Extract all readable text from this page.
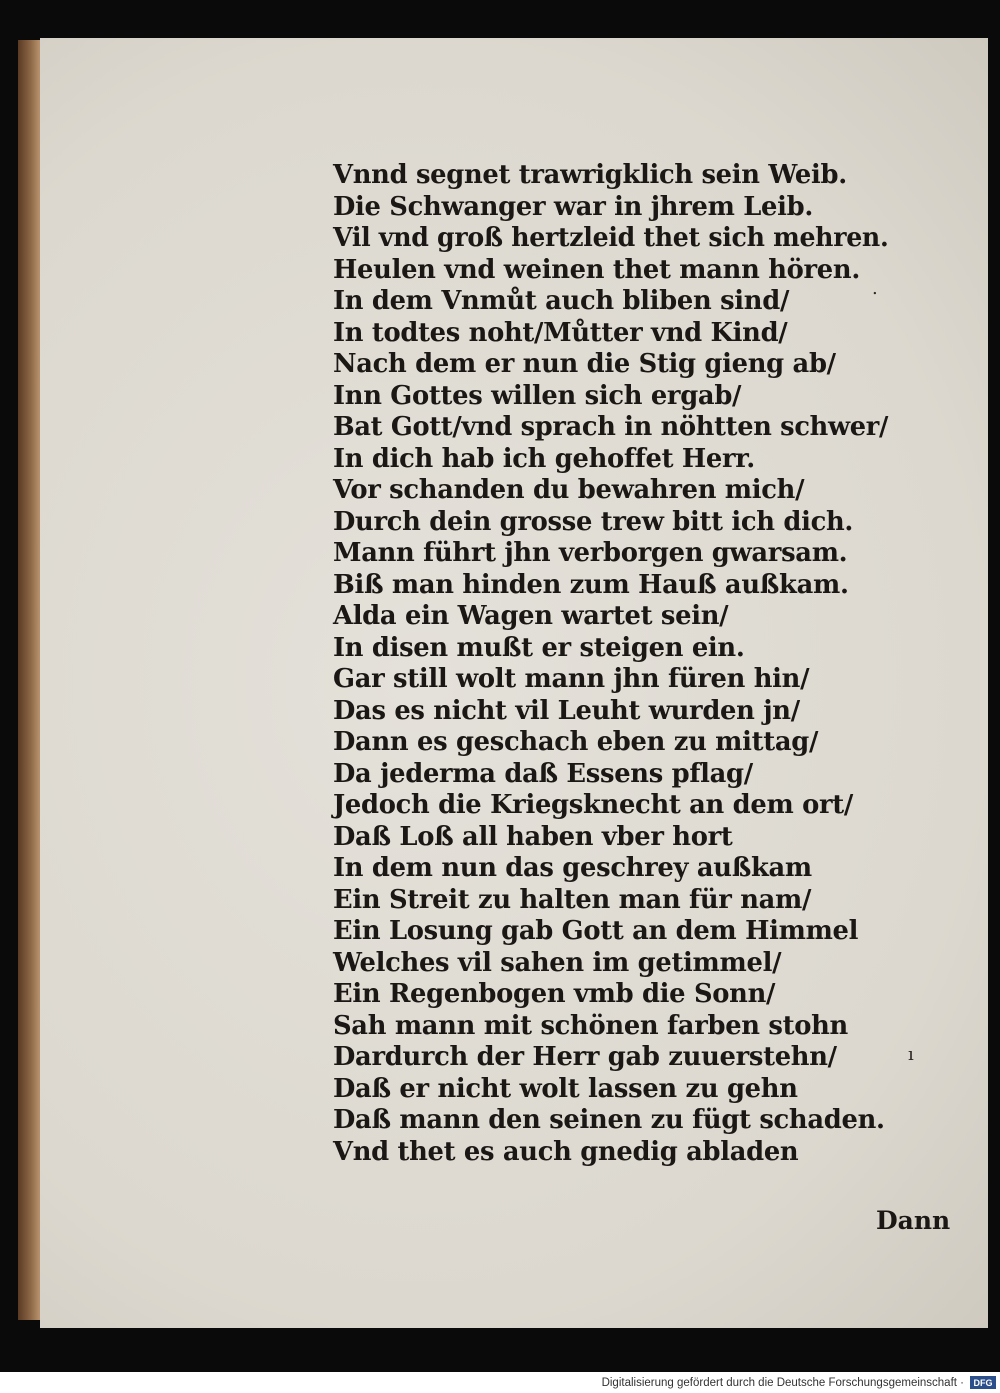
Vnnd segnet trawrigklich sein Weib.
Die Schwanger war in jhrem Leib.
Vil vnd groß hertzleid thet sich mehren.
Heulen vnd weinen thet mann hören.
In dem Vnmůt auch bliben sind/
In todtes noht/Můtter vnd Kind/
Nach dem er nun die Stig gieng ab/
Inn Gottes willen sich ergab/
Bat Gott/vnd sprach in nöhtten schwer/
In dich hab ich gehoffet Herr.
Vor schanden du bewahren mich/
Durch dein grosse trew bitt ich dich.
Mann führt jhn verborgen gwarsam.
Biß man hinden zum Hauß außkam.
Alda ein Wagen wartet sein/
In disen mußt er steigen ein.
Gar still wolt mann jhn füren hin/
Das es nicht vil Leuht wurden jn/
Dann es geschach eben zu mittag/
Da jederma daß Essens pflag/
Jedoch die Kriegsknecht an dem ort/
Daß Loß all haben vber hort
In dem nun das geschrey außkam
Ein Streit zu halten man für nam/
Ein Losung gab Gott an dem Himmel
Welches vil sahen im getimmel/
Ein Regenbogen vmb die Sonn/
Sah mann mit schönen farben stohn
Dardurch der Herr gab zuuerstehn/
Daß er nicht wolt lassen zu gehn
Daß mann den seinen zu fügt schaden.
Vnd thet es auch gnedig abladen
.
ı
Dann
Digitalisierung gefördert durch die Deutsche Forschungsgemeinschaft ·	DFG
